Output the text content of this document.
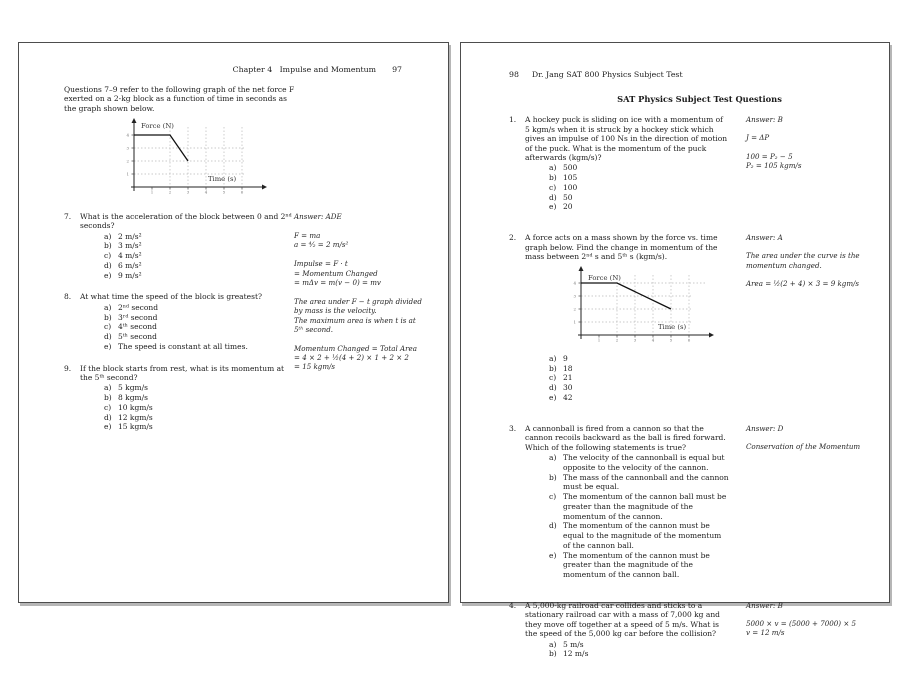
Chapter 4   Impulse and Momentum 97

Questions 7–9 refer to the following graph of the net force F exerted on a 2-kg block as a function of time in seconds as the graph shown below.

4
3
2
1
1	2	3	4	5	6
Force (N)
Time (s)
7.	What is the acceleration of the block between 0 and 2ⁿᵈ seconds?
a) 2 m/s²
b) 3 m/s²
c) 4 m/s²
d) 6 m/s²
e) 9 m/s²
8.	At what time the speed of the block is greatest?
a) 2ⁿᵈ second
b) 3ʳᵈ second
c) 4ᵗʰ second
d) 5ᵗʰ second
e) The speed is constant at all times.
9.	If the block starts from rest, what is its momentum at the 5ᵗʰ second?
a) 5 kgm/s
b) 8 kgm/s
c) 10 kgm/s
d) 12 kgm/s
e) 15 kgm/s
Answer: ADE
F = ma
a = ⁴⁄₂ = 2 m/s²
Impulse = F · t
= Momentum Changed
= mΔv = m(v − 0) = mv
The area under F − t graph divided
by mass is the velocity.
The maximum area is when t is at
5ᵗʰ second.
Momentum Changed = Total Area
= 4 × 2 + ½(4 + 2) × 1 + 2 × 2
= 15 kgm/s
98 Dr. Jang SAT 800 Physics Subject Test
SAT Physics Subject Test Questions
1.	A hockey puck is sliding on ice with a momentum of 5 kgm/s when it is struck by a hockey stick which gives an impulse of 100 Ns in the direction of motion of the puck. What is the momentum of the puck afterwards (kgm/s)?
a) 500
b) 105
c) 100
d) 50
e) 20
Answer: B
J = ΔP
100 = P₂ − 5
P₂ = 105 kgm/s
2.	A force acts on a mass shown by the force vs. time graph below. Find the change in momentum of the mass between 2ⁿᵈ s and 5ᵗʰ s (kgm/s).
4
3
2
1
1	2	3	4	5	6
Force (N)
Time (s)
a) 9
b) 18
c) 21
d) 30
e) 42
Answer: A
The area under the curve is the
momentum changed.
Area = ½(2 + 4) × 3 = 9 kgm/s
3.	A cannonball is fired from a cannon so that the cannon recoils backward as the ball is fired forward. Which of the following statements is true?
a) The velocity of the cannonball is equal but opposite to the velocity of the cannon.
b) The mass of the cannonball and the cannon must be equal.
c) The momentum of the cannon ball must be greater than the magnitude of the momentum of the cannon.
d) The momentum of the cannon must be equal to the magnitude of the momentum of the cannon ball.
e) The momentum of the cannon must be greater than the magnitude of the momentum of the cannon ball.
Answer: D
Conservation of the Momentum
4.	A 5,000-kg railroad car collides and sticks to a stationary railroad car with a mass of 7,000 kg and they move off together at a speed of 5 m/s. What is the speed of the 5,000 kg car before the collision?
a) 5 m/s
b) 12 m/s
Answer: B
5000 × v = (5000 + 7000) × 5
v = 12 m/s
